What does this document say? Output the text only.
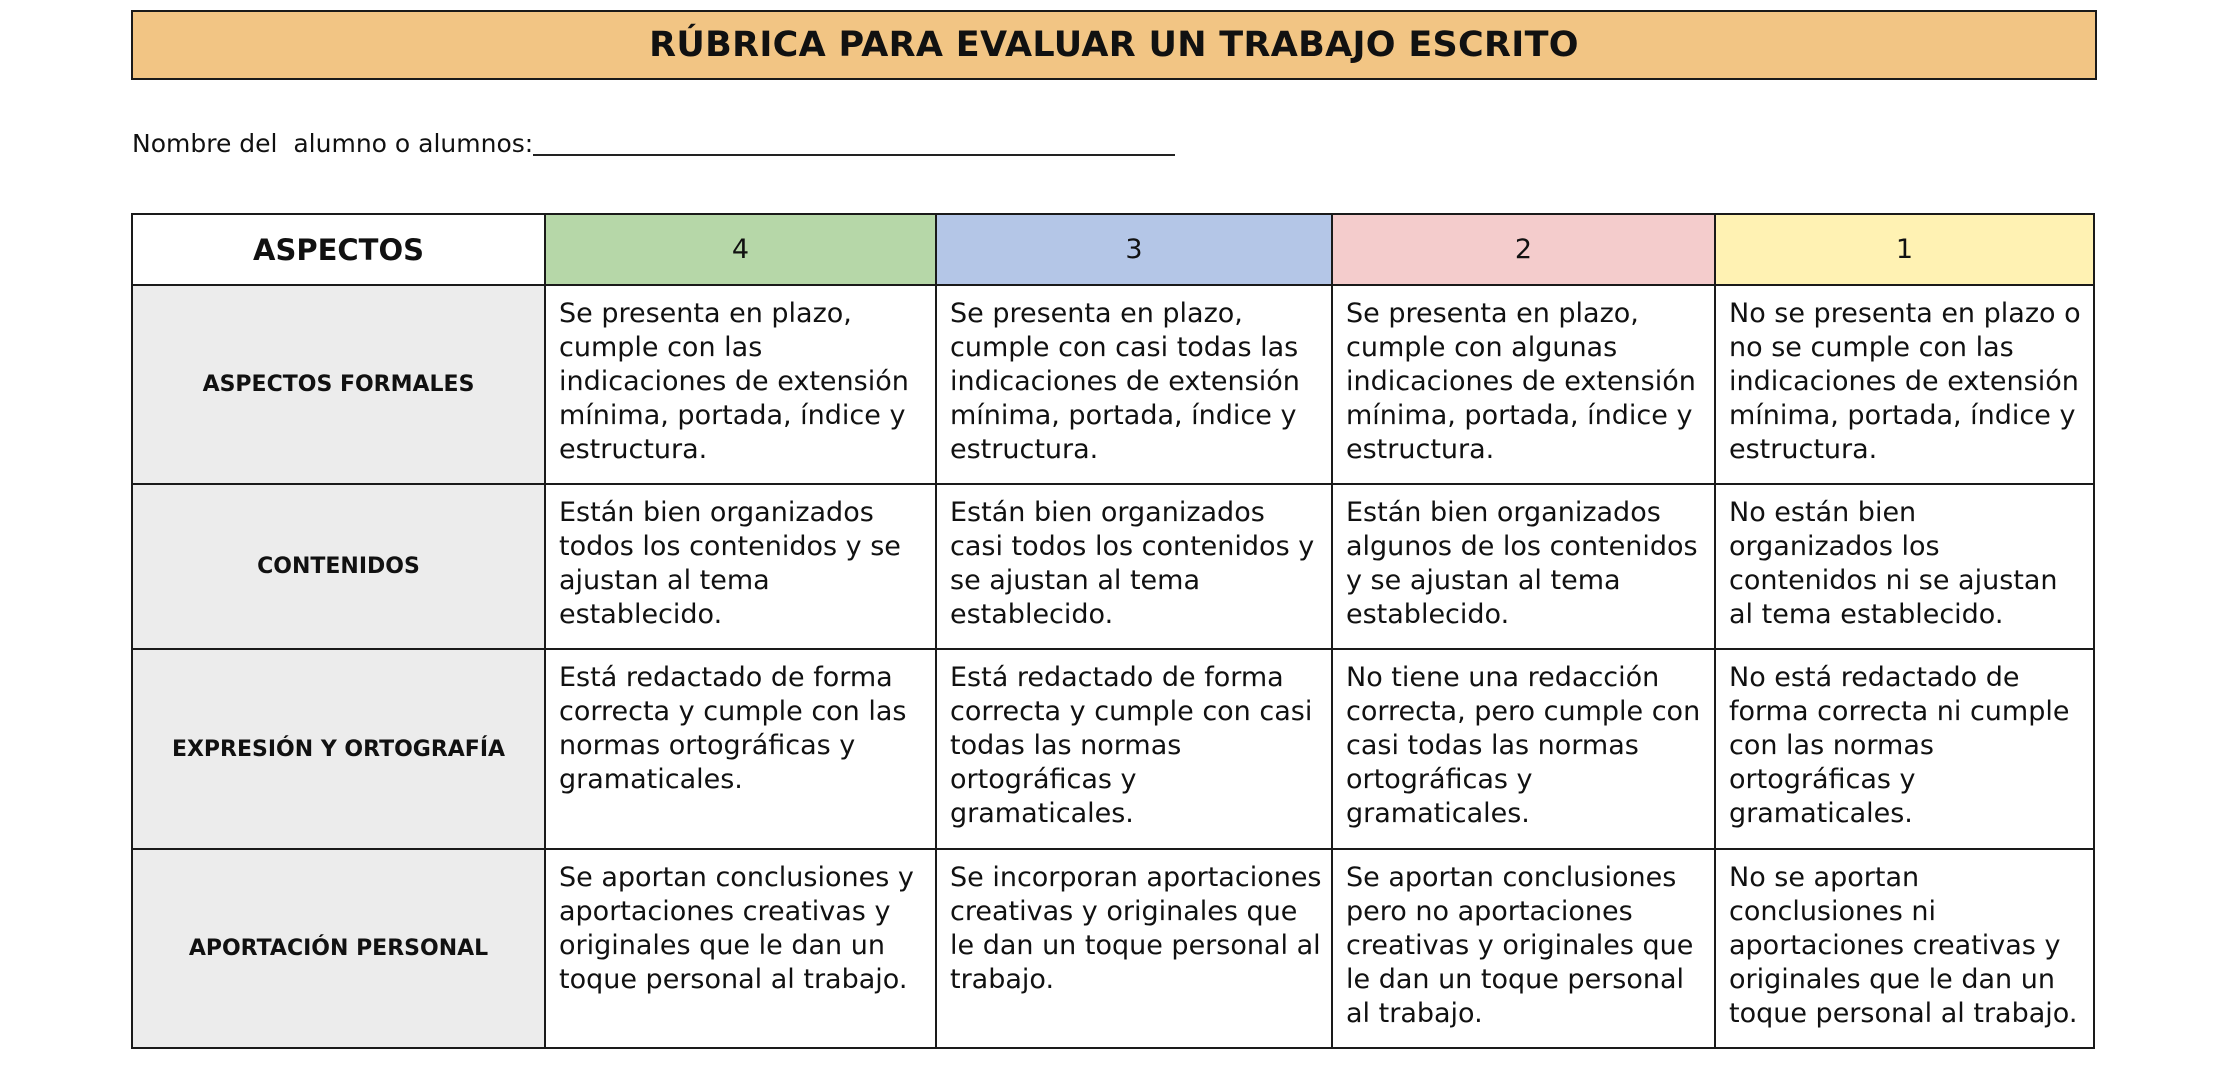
RÚBRICA PARA EVALUAR UN TRABAJO ESCRITO
Nombre del  alumno o alumnos:
ASPECTOS	4	3	2	1
ASPECTOS FORMALES	Se presenta en plazo, cumple con las indicaciones de extensión mínima, portada, índice y estructura.	Se presenta en plazo, cumple con casi todas las indicaciones de extensión mínima, portada, índice y estructura.	Se presenta en plazo, cumple con algunas indicaciones de extensión mínima, portada, índice y estructura.	No se presenta en plazo o no se cumple con las indicaciones de extensión mínima, portada, índice y estructura.
CONTENIDOS	Están bien organizados todos los contenidos y se ajustan al tema establecido.	Están bien organizados casi todos los contenidos y se ajustan al tema establecido.	Están bien organizados algunos de los contenidos y se ajustan al tema establecido.	No están bien organizados los contenidos ni se ajustan al tema establecido.
EXPRESIÓN Y ORTOGRAFÍA	Está redactado de forma correcta y cumple con las normas ortográficas y gramaticales.	Está redactado de forma correcta y cumple con casi todas las normas ortográficas y gramaticales.	No tiene una redacción correcta, pero cumple con casi todas las normas ortográficas y gramaticales.	No está redactado de forma correcta ni cumple con las normas ortográficas y gramaticales.
APORTACIÓN PERSONAL	Se aportan conclusiones y aportaciones creativas y originales que le dan un toque personal al trabajo.	Se incorporan aportaciones creativas y originales que le dan un toque personal al trabajo.	Se aportan conclusiones pero no aportaciones creativas y originales que le dan un toque personal al trabajo.	No se aportan conclusiones ni aportaciones creativas y originales que le dan un toque personal al trabajo.
